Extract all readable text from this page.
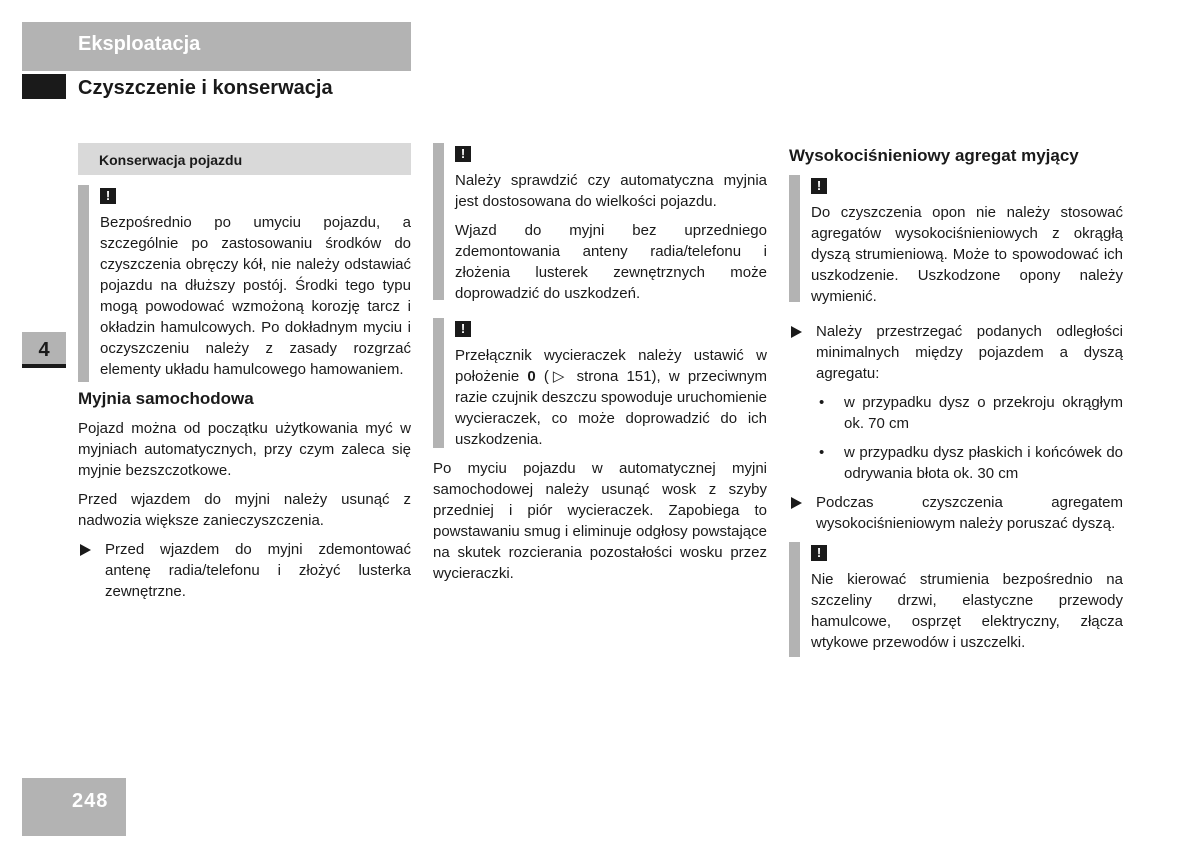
Eksploatacja
Czyszczenie i konserwacja
4
248
Konserwacja pojazdu
!
Bezpośrednio po umyciu pojazdu, a szczególnie po zastosowaniu środków do czyszczenia obręczy kół, nie należy odstawiać pojazdu na dłuższy postój. Środki tego typu mogą powodować wzmożoną korozję tarcz i okładzin hamulcowych. Po dokładnym myciu i oczyszczeniu należy z zasady rozgrzać elementy układu hamulcowego hamowaniem.
Myjnia samochodowa

Pojazd można od początku użytkowania myć w myjniach automatycznych, przy czym zaleca się myjnie bezszczotkowe.

Przed wjazdem do myjni należy usunąć z nadwozia większe zanieczyszczenia.

Przed wjazdem do myjni zdemontować antenę radia/telefonu i złożyć lusterka zewnętrzne.
!

Należy sprawdzić czy automatyczna myjnia jest dostosowana do wielkości pojazdu.

Wjazd do myjni bez uprzedniego zdemontowania anteny radia/telefonu i złożenia lusterek zewnętrznych może doprowadzić do uszkodzeń.

!
Przełącznik wycieraczek należy ustawić w położenie 0 (▷ strona 151), w przeciwnym razie czujnik deszczu spowoduje uruchomienie wycieraczek, co może doprowadzić do ich uszkodzenia.

Po myciu pojazdu w automatycznej myjni samochodowej należy usunąć wosk z szyby przedniej i piór wycieraczek. Zapobiega to powstawaniu smug i eliminuje odgłosy powstające na skutek rozcierania pozostałości wosku przez wycieraczki.

Wysokociśnieniowy agregat myjący
!
Do czyszczenia opon nie należy stosować agregatów wysokociśnieniowych z okrągłą dyszą strumieniową. Może to spowodować ich uszkodzenie. Uszkodzone opony należy wymienić.
Należy przestrzegać podanych odległości minimalnych między pojazdem a dyszą agregatu:
• w przypadku dysz o przekroju okrągłym ok. 70 cm
• w przypadku dysz płaskich i końcówek do odrywania błota ok. 30 cm
Podczas czyszczenia agregatem wysokociśnieniowym należy poruszać dyszą.
!
Nie kierować strumienia bezpośrednio na szczeliny drzwi, elastyczne przewody hamulcowe, osprzęt elektryczny, złącza wtykowe przewodów i uszczelki.
